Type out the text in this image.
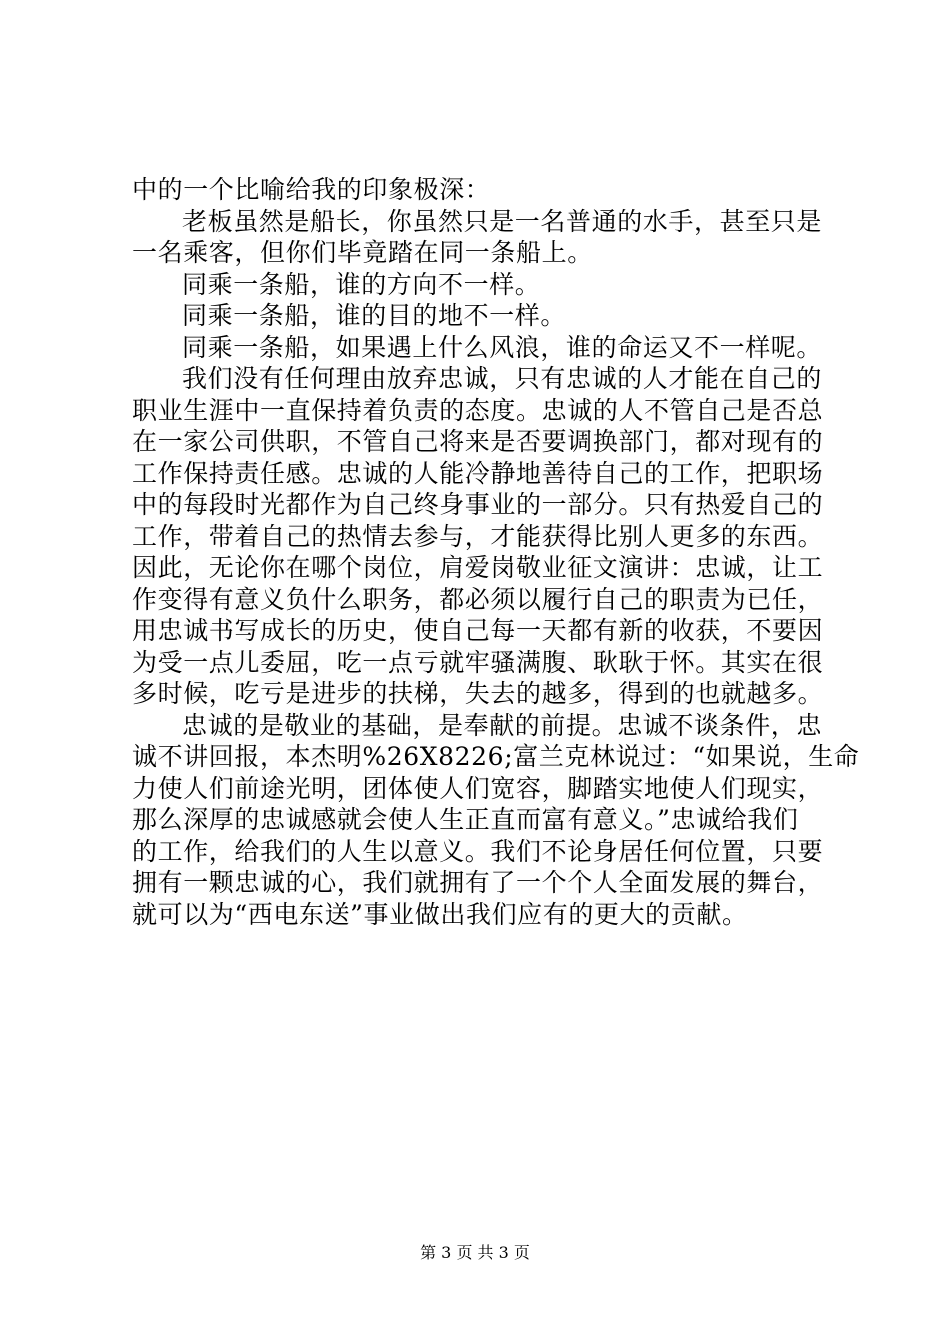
中的一个比喻给我的印象极深：
老板虽然是船长，你虽然只是一名普通的水手，甚至只是
一名乘客，但你们毕竟踏在同一条船上。
同乘一条船，谁的方向不一样。
同乘一条船，谁的目的地不一样。
同乘一条船，如果遇上什么风浪，谁的命运又不一样呢。
我们没有任何理由放弃忠诚，只有忠诚的人才能在自己的
职业生涯中一直保持着负责的态度。忠诚的人不管自己是否总
在一家公司供职，不管自己将来是否要调换部门，都对现有的
工作保持责任感。忠诚的人能冷静地善待自己的工作，把职场
中的每段时光都作为自己终身事业的一部分。只有热爱自己的
工作，带着自己的热情去参与，才能获得比别人更多的东西。
因此，无论你在哪个岗位，肩爱岗敬业征文演讲：忠诚，让工
作变得有意义负什么职务，都必须以履行自己的职责为已任，
用忠诚书写成长的历史，使自己每一天都有新的收获，不要因
为受一点儿委屈，吃一点亏就牢骚满腹、耿耿于怀。其实在很
多时候，吃亏是进步的扶梯，失去的越多，得到的也就越多。
忠诚的是敬业的基础，是奉献的前提。忠诚不谈条件，忠
诚不讲回报，本杰明%26X8226;富兰克林说过：“如果说，生命
力使人们前途光明，团体使人们宽容，脚踏实地使人们现实，
那么深厚的忠诚感就会使人生正直而富有意义。”忠诚给我们
的工作，给我们的人生以意义。我们不论身居任何位置，只要
拥有一颗忠诚的心，我们就拥有了一个个人全面发展的舞台，
就可以为“西电东送”事业做出我们应有的更大的贡献。
第 3 页 共 3 页
